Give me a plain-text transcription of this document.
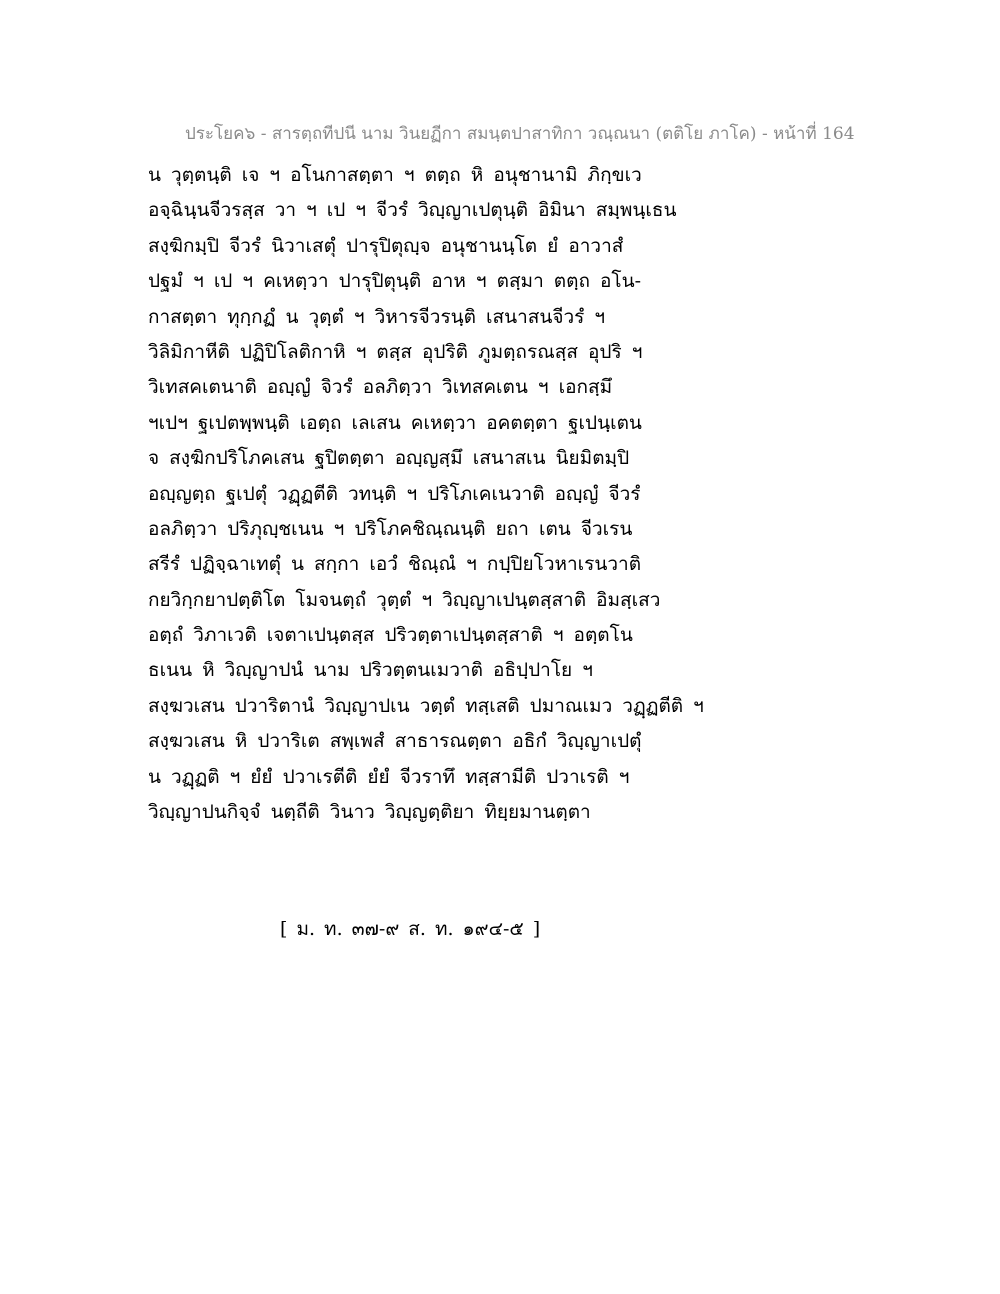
ประโยค๖ - สารตฺถทีปนี นาม วินยฏีกา สมนฺตปาสาทิกา วณฺณนา (ตติโย ภาโค) - หน้าที่ 164
น วุตฺตนฺติ เจ ฯ อโนกาสตฺตา ฯ ตตฺถ หิ อนุชานามิ ภิกฺขเว
อจฺฉินฺนจีวรสฺส วา ฯ เป ฯ จีวรํ วิญฺญาเปตุนฺติ อิมินา สมฺพนฺเธน
สงฺฆิกมฺปิ จีวรํ นิวาเสตุํ ปารุปิตุญฺจ อนุชานนฺโต ยํ อาวาสํ
ปฐมํ ฯ เป ฯ คเหตฺวา ปารุปิตุนฺติ อาห ฯ ตสฺมา ตตฺถ อโน-
กาสตฺตา ทุกฺกฏํ น วุตฺตํ ฯ วิหารจีวรนฺติ เสนาสนจีวรํ ฯ
วิลิมิกาหีติ ปฏิปิโลติกาหิ ฯ ตสฺส อุปริติ ภูมตฺถรณสฺส อุปริ ฯ
วิเทสคเตนาติ อญฺญํ จิวรํ อลภิตฺวา วิเทสคเตน ฯ เอกสฺมึ
ฯเปฯ ฐเปตพฺพนฺติ เอตฺถ เลเสน คเหตฺวา อคตตฺตา ฐเปนฺเตน
จ สงฺฆิกปริโภคเสน ฐปิตตฺตา อญฺญสฺมึ เสนาสเน นิยมิตมฺปิ
อญฺญตฺถ ฐเปตุํ วฏฺฏตีติ วทนฺติ ฯ ปริโภเคเนวาติ อญฺญํ จีวรํ
อลภิตฺวา ปริภุญฺชเนน ฯ ปริโภคชิณฺณนฺติ ยถา เตน จีวเรน
สรีรํ ปฏิจฺฉาเทตุํ น สกฺกา เอวํ ชิณฺณํ ฯ กปฺปิยโวหาเรนวาติ
กยวิกฺกยาปตฺติโต โมจนตฺถํ วุตฺตํ ฯ วิญฺญาเปนฺตสฺสาติ อิมสฺเสว
อตฺถํ วิภาเวติ เจตาเปนฺตสฺส ปริวตฺตาเปนฺตสฺสาติ ฯ อตฺตโน
ธเนน หิ วิญฺญาปนํ นาม ปริวตฺตนเมวาติ อธิปฺปาโย ฯ
สงฺฆวเสน ปวาริตานํ วิญฺญาปเน วตฺตํ ทสฺเสติ ปมาณเมว วฏฺฏตีติ ฯ
สงฺฆวเสน หิ ปวาริเต สพฺเพสํ สาธารณตฺตา อธิกํ วิญฺญาเปตุํ
น วฏฺฏติ ฯ ยํยํ ปวาเรตีติ ยํยํ จีวราทึ ทสฺสามีติ ปวาเรติ ฯ
วิญฺญาปนกิจฺจํ นตฺถีติ วินาว วิญฺญตฺติยา ทิยฺยมานตฺตา
[ ม. ท. ๓๗-๙ ส. ท. ๑๙๔-๕ ]
